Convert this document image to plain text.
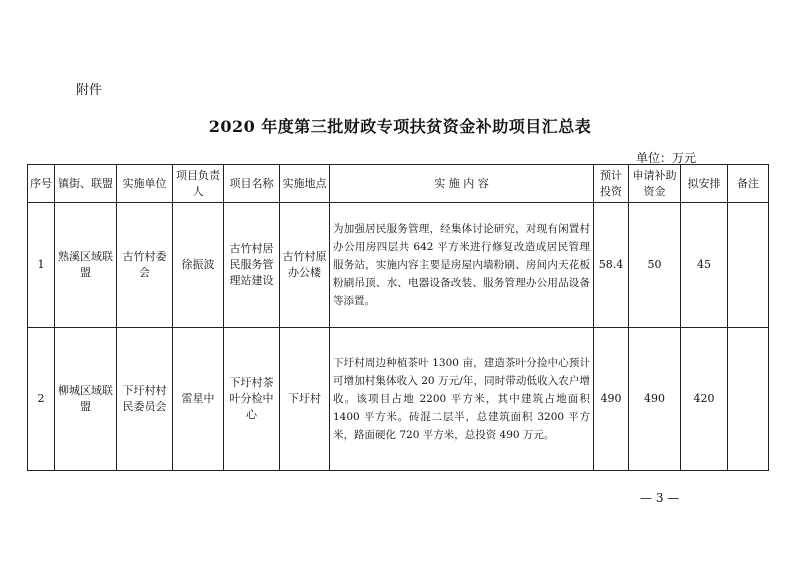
附件
2020 年度第三批财政专项扶贫资金补助项目汇总表
单位：万元
序号	镇街、联盟	实施单位	项目负责人	项目名称	实施地点	实 施 内 容	预计投资	申请补助资金	拟安排	备注
1	熟溪区域联盟	古竹村委会	徐振波	古竹村居民服务管理站建设	古竹村原办公楼	为加强居民服务管理，经集体讨论研究，对现有闲置村办公用房四层共 642 平方米进行修复改造成居民管理服务站，实施内容主要是房屋内墙粉刷、房间内天花板粉刷吊顶、水、电器设备改装、服务管理办公用品设备等添置。	58.4	50	45	
2	柳城区域联盟	下圩村村民委员会	雷星中	下圩村茶叶分检中心	下圩村	下圩村周边种植茶叶 1300 亩，建造茶叶分捡中心预计可增加村集体收入 20 万元/年，同时带动低收入农户增收。该项目占地 2200 平方米，其中建筑占地面积 1400 平方米。砖混二层半，总建筑面积 3200 平方米，路面硬化 720 平方米，总投资 490 万元。	490	490	420	
— 3 —
